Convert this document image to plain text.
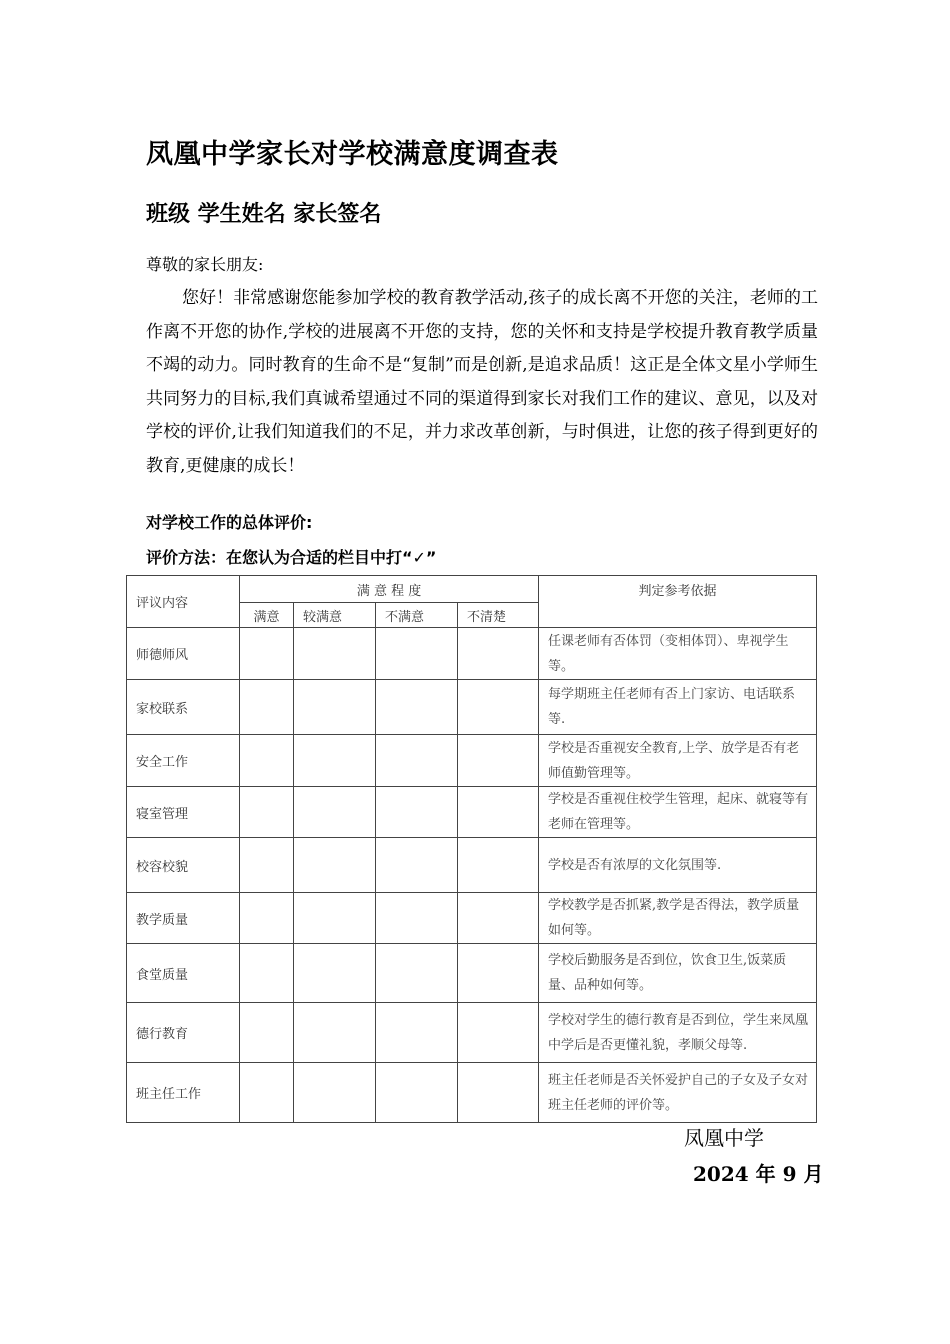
凤凰中学家长对学校满意度调查表
班级 学生姓名 家长签名
尊敬的家长朋友:

您好！非常感谢您能参加学校的教育教学活动,孩子的成长离不开您的关注，老师的工作离不开您的协作,学校的进展离不开您的支持，您的关怀和支持是学校提升教育教学质量不竭的动力。同时教育的生命不是“复制”而是创新,是追求品质！这正是全体文星小学师生共同努力的目标,我们真诚希望通过不同的渠道得到家长对我们工作的建议、意见，以及对学校的评价,让我们知道我们的不足，并力求改革创新，与时俱进，让您的孩子得到更好的教育,更健康的成长！

对学校工作的总体评价:
评价方法：在您认为合适的栏目中打“✓”
评议内容	满 意 程 度				判定参考依据
	满意	较满意	不满意	不清楚	
师德师风					任课老师有否体罚（变相体罚）、卑视学生等。
家校联系					每学期班主任老师有否上门家访、电话联系等.
安全工作					学校是否重视安全教育,上学、放学是否有老师值勤管理等。
寝室管理					学校是否重视住校学生管理，起床、就寝等有老师在管理等。
校容校貌					学校是否有浓厚的文化氛围等.
教学质量					学校教学是否抓紧,教学是否得法，教学质量如何等。
食堂质量					学校后勤服务是否到位，饮食卫生,饭菜质量、品种如何等。
德行教育					学校对学生的德行教育是否到位，学生来凤凰中学后是否更懂礼貌，孝顺父母等.
班主任工作					班主任老师是否关怀爱护自己的子女及子女对班主任老师的评价等。
凤凰中学
2024 年 9 月
